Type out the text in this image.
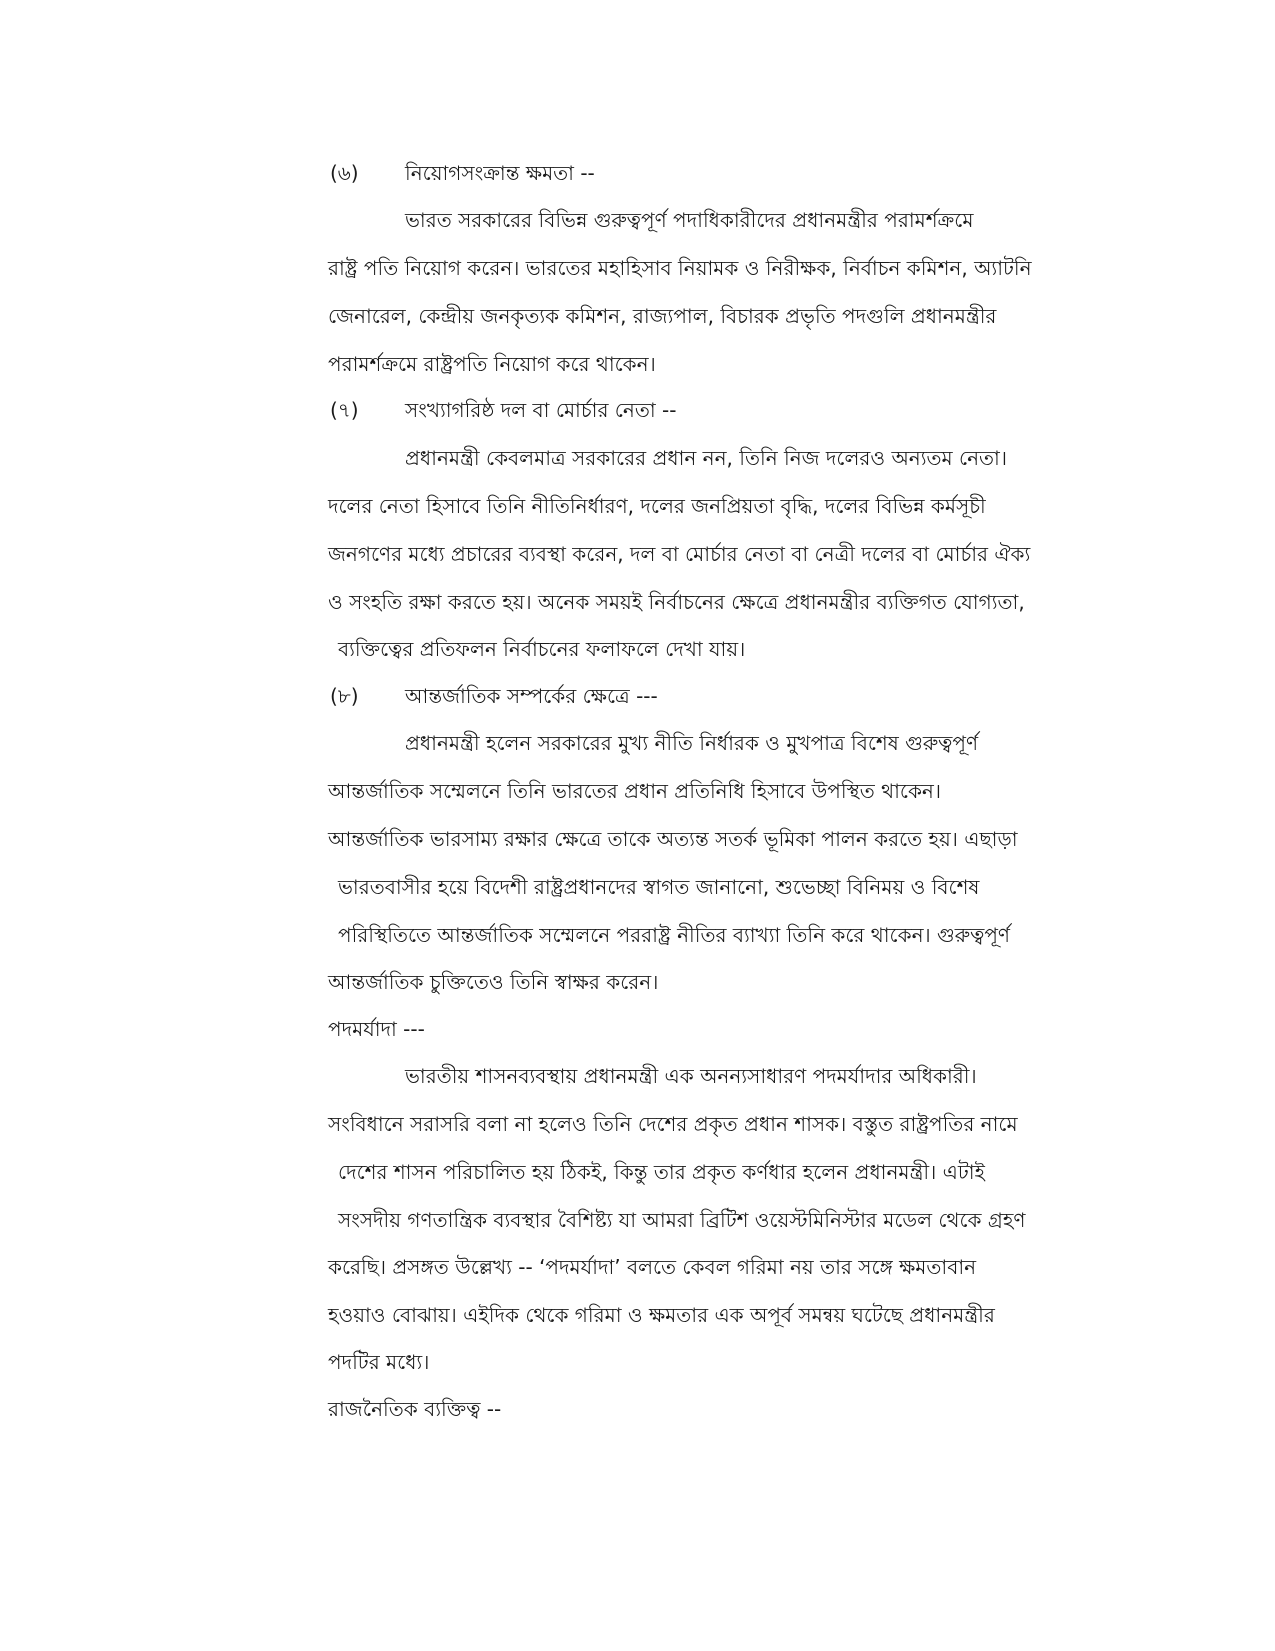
(৬) নিয়োগসংক্রান্ত ক্ষমতা --
ভারত সরকারের বিভিন্ন গুরুত্বপূর্ণ পদাধিকারীদের প্রধানমন্ত্রীর পরামর্শক্রমে
রাষ্ট্র পতি নিয়োগ করেন। ভারতের মহাহিসাব নিয়ামক ও নিরীক্ষক, নির্বাচন কমিশন, অ্যাটনি
জেনারেল, কেন্দ্রীয় জনকৃত্যক কমিশন, রাজ্যপাল, বিচারক প্রভৃতি পদগুলি প্রধানমন্ত্রীর
পরামর্শক্রমে রাষ্ট্রপতি নিয়োগ করে থাকেন।
(৭) সংখ্যাগরিষ্ঠ দল বা মোর্চার নেতা --
প্রধানমন্ত্রী কেবলমাত্র সরকারের প্রধান নন, তিনি নিজ দলেরও অন্যতম নেতা।
দলের নেতা হিসাবে তিনি নীতিনির্ধারণ, দলের জনপ্রিয়তা বৃদ্ধি, দলের বিভিন্ন কর্মসূচী
জনগণের মধ্যে প্রচারের ব্যবস্থা করেন, দল বা মোর্চার নেতা বা নেত্রী দলের বা মোর্চার ঐক্য
ও সংহতি রক্ষা করতে হয়। অনেক সময়ই নির্বাচনের ক্ষেত্রে প্রধানমন্ত্রীর ব্যক্তিগত যোগ্যতা,
ব্যক্তিত্বের প্রতিফলন নির্বাচনের ফলাফলে দেখা যায়।
(৮) আন্তর্জাতিক সম্পর্কের ক্ষেত্রে ---
প্রধানমন্ত্রী হলেন সরকারের মুখ্য নীতি নির্ধারক ও মুখপাত্র বিশেষ গুরুত্বপূর্ণ
আন্তর্জাতিক সম্মেলনে তিনি ভারতের প্রধান প্রতিনিধি হিসাবে উপস্থিত থাকেন।
আন্তর্জাতিক ভারসাম্য রক্ষার ক্ষেত্রে তাকে অত্যন্ত সতর্ক ভূমিকা পালন করতে হয়। এছাড়া
ভারতবাসীর হয়ে বিদেশী রাষ্ট্রপ্রধানদের স্বাগত জানানো, শুভেচ্ছা বিনিময় ও বিশেষ
পরিস্থিতিতে আন্তর্জাতিক সম্মেলনে পররাষ্ট্র নীতির ব্যাখ্যা তিনি করে থাকেন। গুরুত্বপূর্ণ
আন্তর্জাতিক চুক্তিতেও তিনি স্বাক্ষর করেন।
পদমর্যাদা ---
ভারতীয় শাসনব্যবস্থায় প্রধানমন্ত্রী এক অনন্যসাধারণ পদমর্যাদার অধিকারী।
সংবিধানে সরাসরি বলা না হলেও তিনি দেশের প্রকৃত প্রধান শাসক। বস্তুত রাষ্ট্রপতির নামে
দেশের শাসন পরিচালিত হয় ঠিকই, কিন্তু তার প্রকৃত কর্ণধার হলেন প্রধানমন্ত্রী। এটাই
সংসদীয় গণতান্ত্রিক ব্যবস্থার বৈশিষ্ট্য যা আমরা ব্রিটিশ ওয়েস্টমিনিস্টার মডেল থেকে গ্রহণ
করেছি। প্রসঙ্গত উল্লেখ্য -- ‘পদমর্যাদা’ বলতে কেবল গরিমা নয় তার সঙ্গে ক্ষমতাবান
হওয়াও বোঝায়। এইদিক থেকে গরিমা ও ক্ষমতার এক অপূর্ব সমন্বয় ঘটেছে প্রধানমন্ত্রীর
পদটির মধ্যে।
রাজনৈতিক ব্যক্তিত্ব --
